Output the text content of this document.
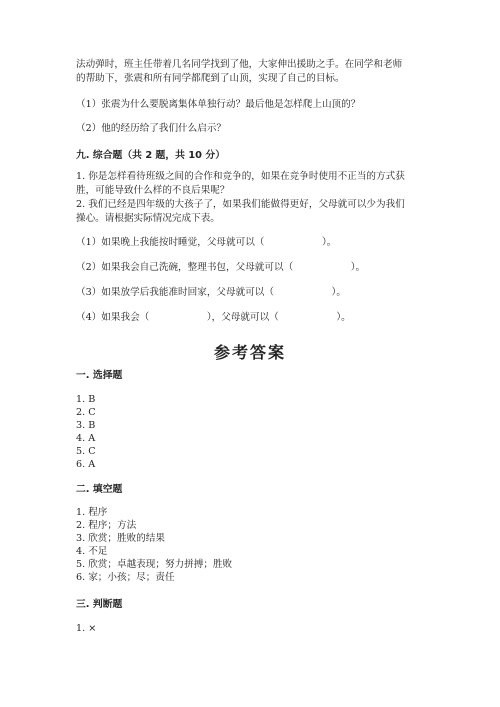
法动弹时，班主任带着几名同学找到了他，大家伸出援助之手。在同学和老师
的帮助下，张震和所有同学都爬到了山顶，实现了自己的目标。
（1）张震为什么要脱离集体单独行动？最后他是怎样爬上山顶的？
（2）他的经历给了我们什么启示？
九. 综合题（共 2 题，共 10 分）
1. 你是怎样看待班级之间的合作和竞争的，如果在竞争时使用不正当的方式获
胜，可能导致什么样的不良后果呢？
2. 我们已经是四年级的大孩子了，如果我们能做得更好，父母就可以少为我们
操心。请根据实际情况完成下表。
（1）如果晚上我能按时睡觉，父母就可以（　　　　　　）。
（2）如果我会自己洗碗，整理书包，父母就可以（　　　　　　）。
（3）如果放学后我能准时回家，父母就可以（　　　　　　）。
（4）如果我会（　　　　　　），父母就可以（　　　　　　）。
参考答案
一. 选择题
1. B
2. C
3. B
4. A
5. C
6. A
二. 填空题
1. 程序
2. 程序；方法
3. 欣赏；胜败的结果
4. 不足
5. 欣赏；卓越表现；努力拼搏；胜败
6. 家；小孩；尽；责任
三. 判断题
1. ×
